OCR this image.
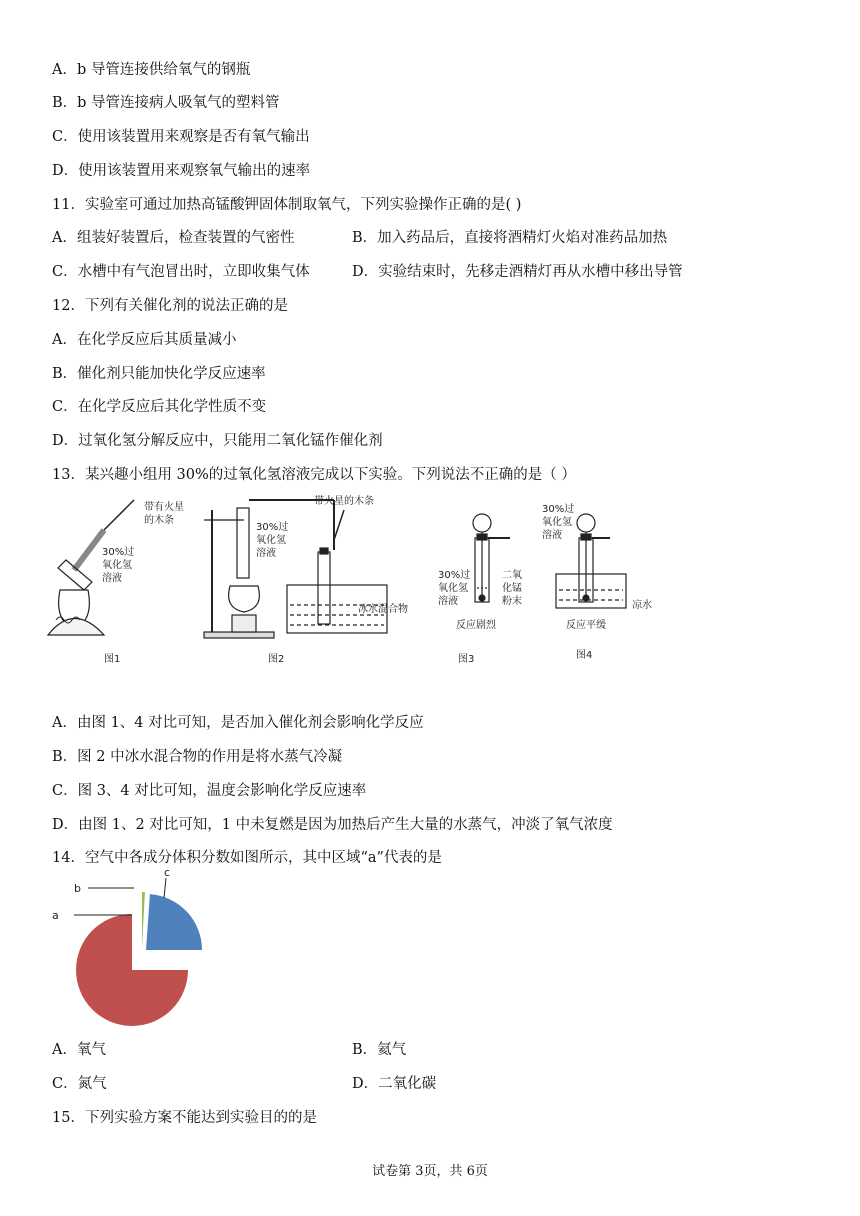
A．b 导管连接供给氧气的钢瓶
B．b 导管连接病人吸氧气的塑料管
C．使用该装置用来观察是否有氧气输出
D．使用该装置用来观察氧气输出的速率
11．实验室可通过加热高锰酸钾固体制取氧气，下列实验操作正确的是( )
A．组装好装置后，检查装置的气密性	B．加入药品后，直接将酒精灯火焰对准药品加热
C．水槽中有气泡冒出时，立即收集气体	D．实验结束时，先移走酒精灯再从水槽中移出导管
12．下列有关催化剂的说法正确的是
A．在化学反应后其质量减小
B．催化剂只能加快化学反应速率
C．在化学反应后其化学性质不变
D．过氧化氢分解反应中，只能用二氧化锰作催化剂
13．某兴趣小组用 30%的过氧化氢溶液完成以下实验。下列说法不正确的是（ ）
带有火星
的木条
30%过
氧化氢
溶液
图1
30%过
氧化氢
溶液
带火星的木条
冰水混合物
图2
30%过
氧化氢
溶液
二氧
化锰
粉末
反应剧烈
图3
30%过
氧化氢
溶液
凉水
反应平缓
图4
A．由图 1、4 对比可知，是否加入催化剂会影响化学反应
B．图 2 中冰水混合物的作用是将水蒸气冷凝
C．图 3、4 对比可知，温度会影响化学反应速率
D．由图 1、2 对比可知，1 中未复燃是因为加热后产生大量的水蒸气，冲淡了氧气浓度
14．空气中各成分体积分数如图所示，其中区域“a”代表的是
a
b
c
A．氧气	B．氦气
C．氮气	D．二氧化碳
15．下列实验方案不能达到实验目的的是
试卷第 3页，共 6页
